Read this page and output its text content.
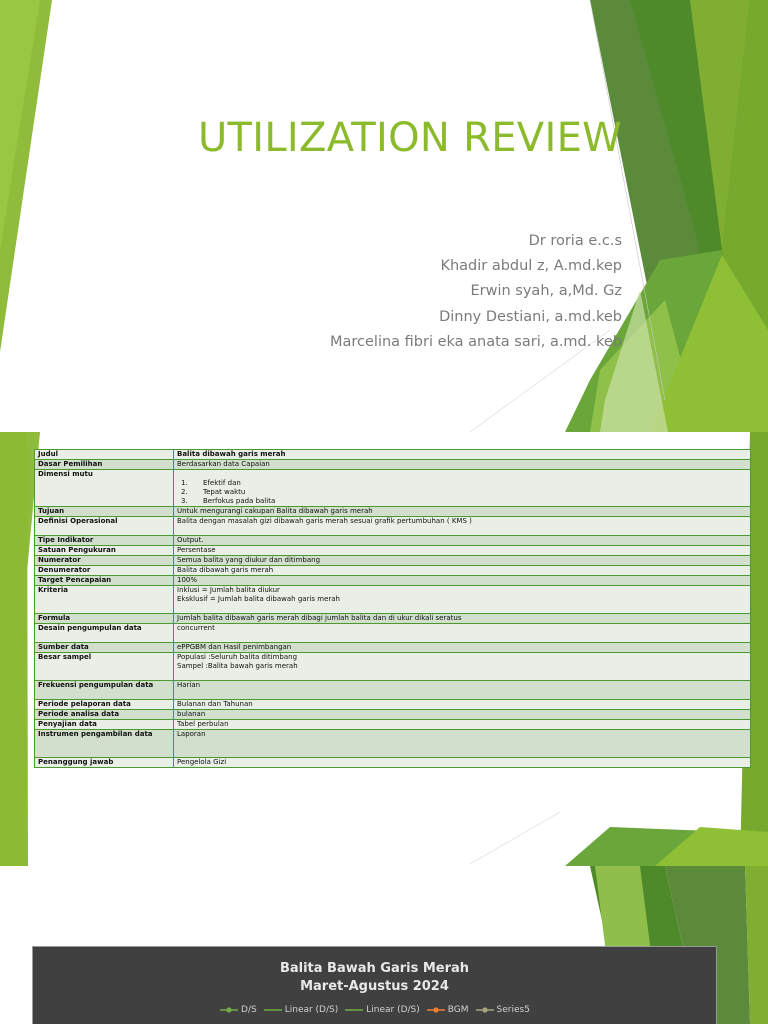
UTILIZATION REVIEW
Dr roria e.c.s
Khadir abdul z, A.md.kep
Erwin syah, a,Md. Gz
Dinny Destiani, a.md.keb
Marcelina fibri eka anata sari, a.md. keb
Judul	Balita dibawah garis merah

Dasar Pemilihan	Berdasarkan data Capaian

Dimensi mutu	1. Efektif dan
2. Tepat waktu
3. Berfokus pada balita

Tujuan	Untuk mengurangi cakupan Balita dibawah garis merah

Definisi Operasional	Balita dengan masalah gizi dibawah garis merah sesuai grafik pertumbuhan ( KMS )

Tipe Indikator	Output.

Satuan Pengukuran	Persentase

Numerator	Semua balita yang diukur dan ditimbang

Denumerator	Balita dibawah garis merah

Target Pencapaian	100%

Kriteria	Inklusi = Jumlah balita diukur
Eksklusif = Jumlah balita dibawah garis merah

Formula	Jumlah balita dibawah garis merah dibagi jumlah balita dan di ukur dikali seratus

Desain pengumpulan data	concurrent

Sumber data	ePPGBM dan Hasil penimbangan

Besar sampel	Populasi :Seluruh balita ditimbang
Sampel :Balita bawah garis merah

Frekuensi pengumpulan data	Harian

Periode pelaporan data	Bulanan dan Tahunan

Periode analisa data	bulanan

Penyajian data	Tabel perbulan

Instrumen pengambilan data	Laporan

Penanggung jawab	Pengelola Gizi
Balita Bawah Garis Merah
Maret-Agustus 2024
D/S	Linear (D/S)	Linear (D/S)	BGM	Series5
